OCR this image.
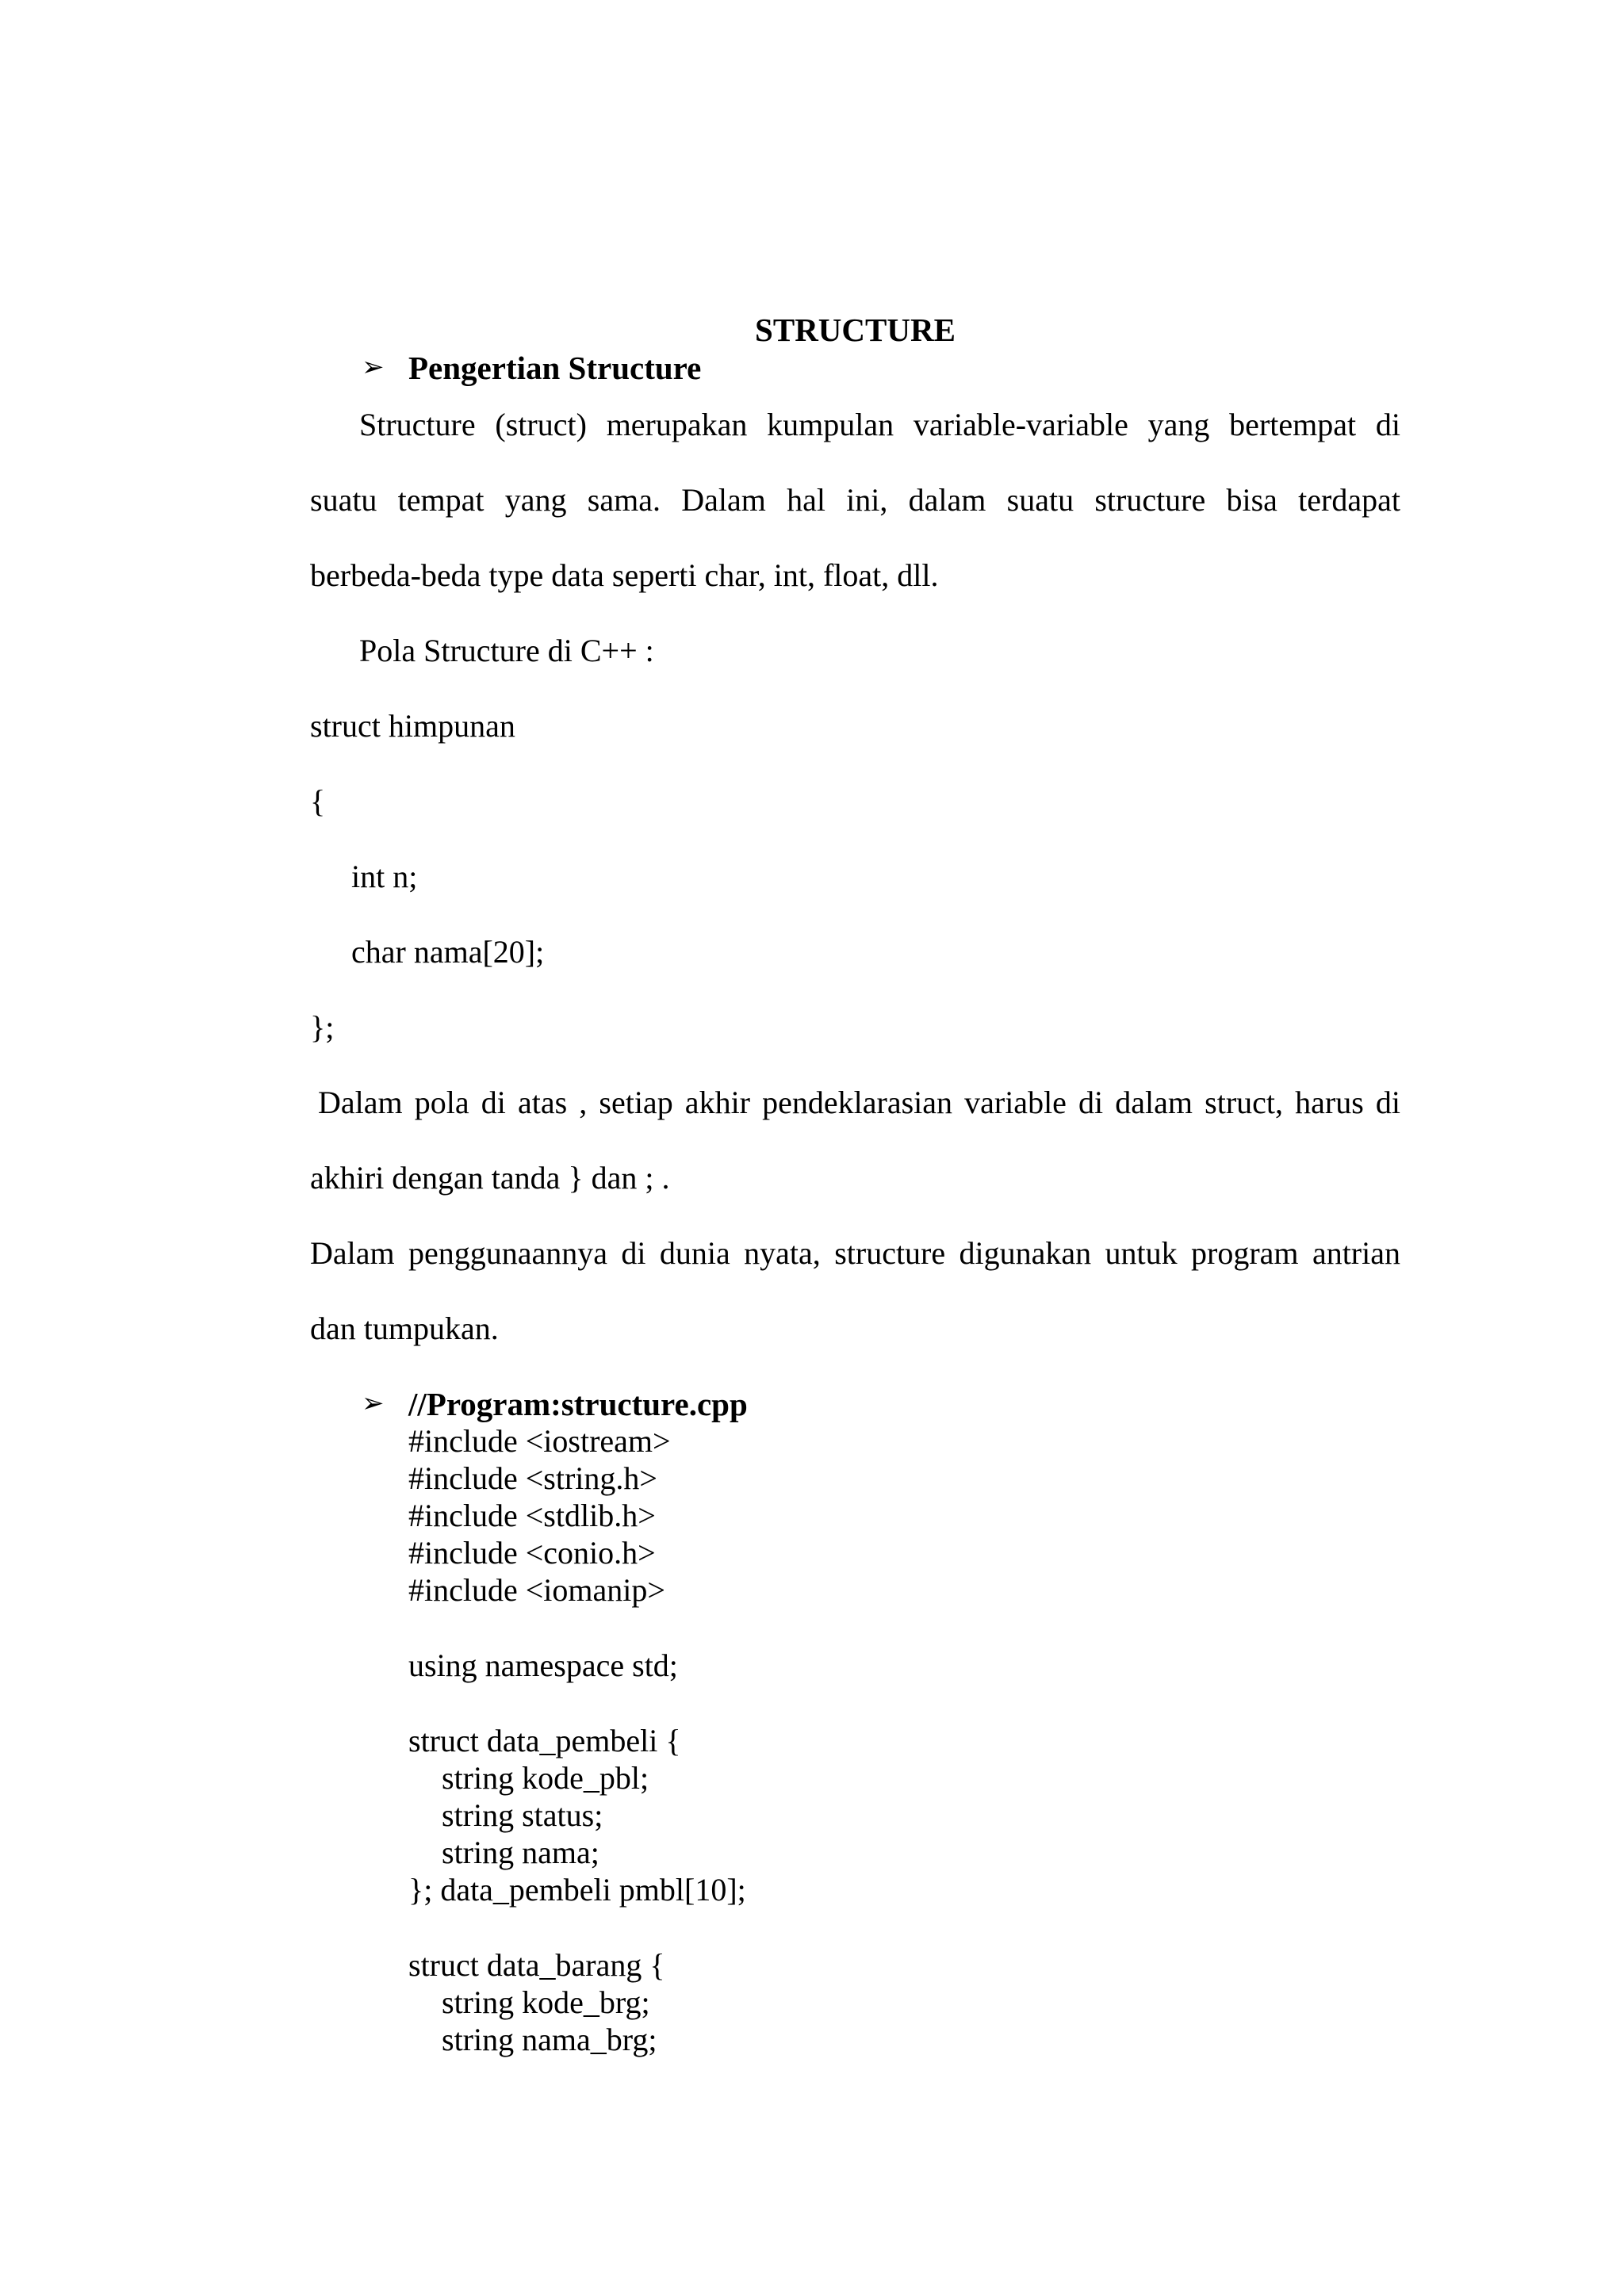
STRUCTURE

➢ Pengertian Structure

Structure (struct) merupakan kumpulan variable-variable yang bertempat di

suatu tempat yang sama. Dalam hal ini, dalam suatu structure bisa terdapat

berbeda-beda type data seperti char, int, float, dll.

Pola Structure di C++ :

struct himpunan

{

int n;

char nama[20];

};

Dalam pola di atas , setiap akhir pendeklarasian variable di dalam struct, harus di

akhiri dengan tanda } dan ; .

Dalam penggunaannya di dunia nyata, structure digunakan untuk program antrian

dan tumpukan.

➢ //Program:structure.cpp

#include <iostream>

#include <string.h>

#include <stdlib.h>

#include <conio.h>

#include <iomanip>

using namespace std;

struct data_pembeli {

string kode_pbl;

string status;

string nama;

}; data_pembeli pmbl[10];

struct data_barang {

string kode_brg;

string nama_brg;
